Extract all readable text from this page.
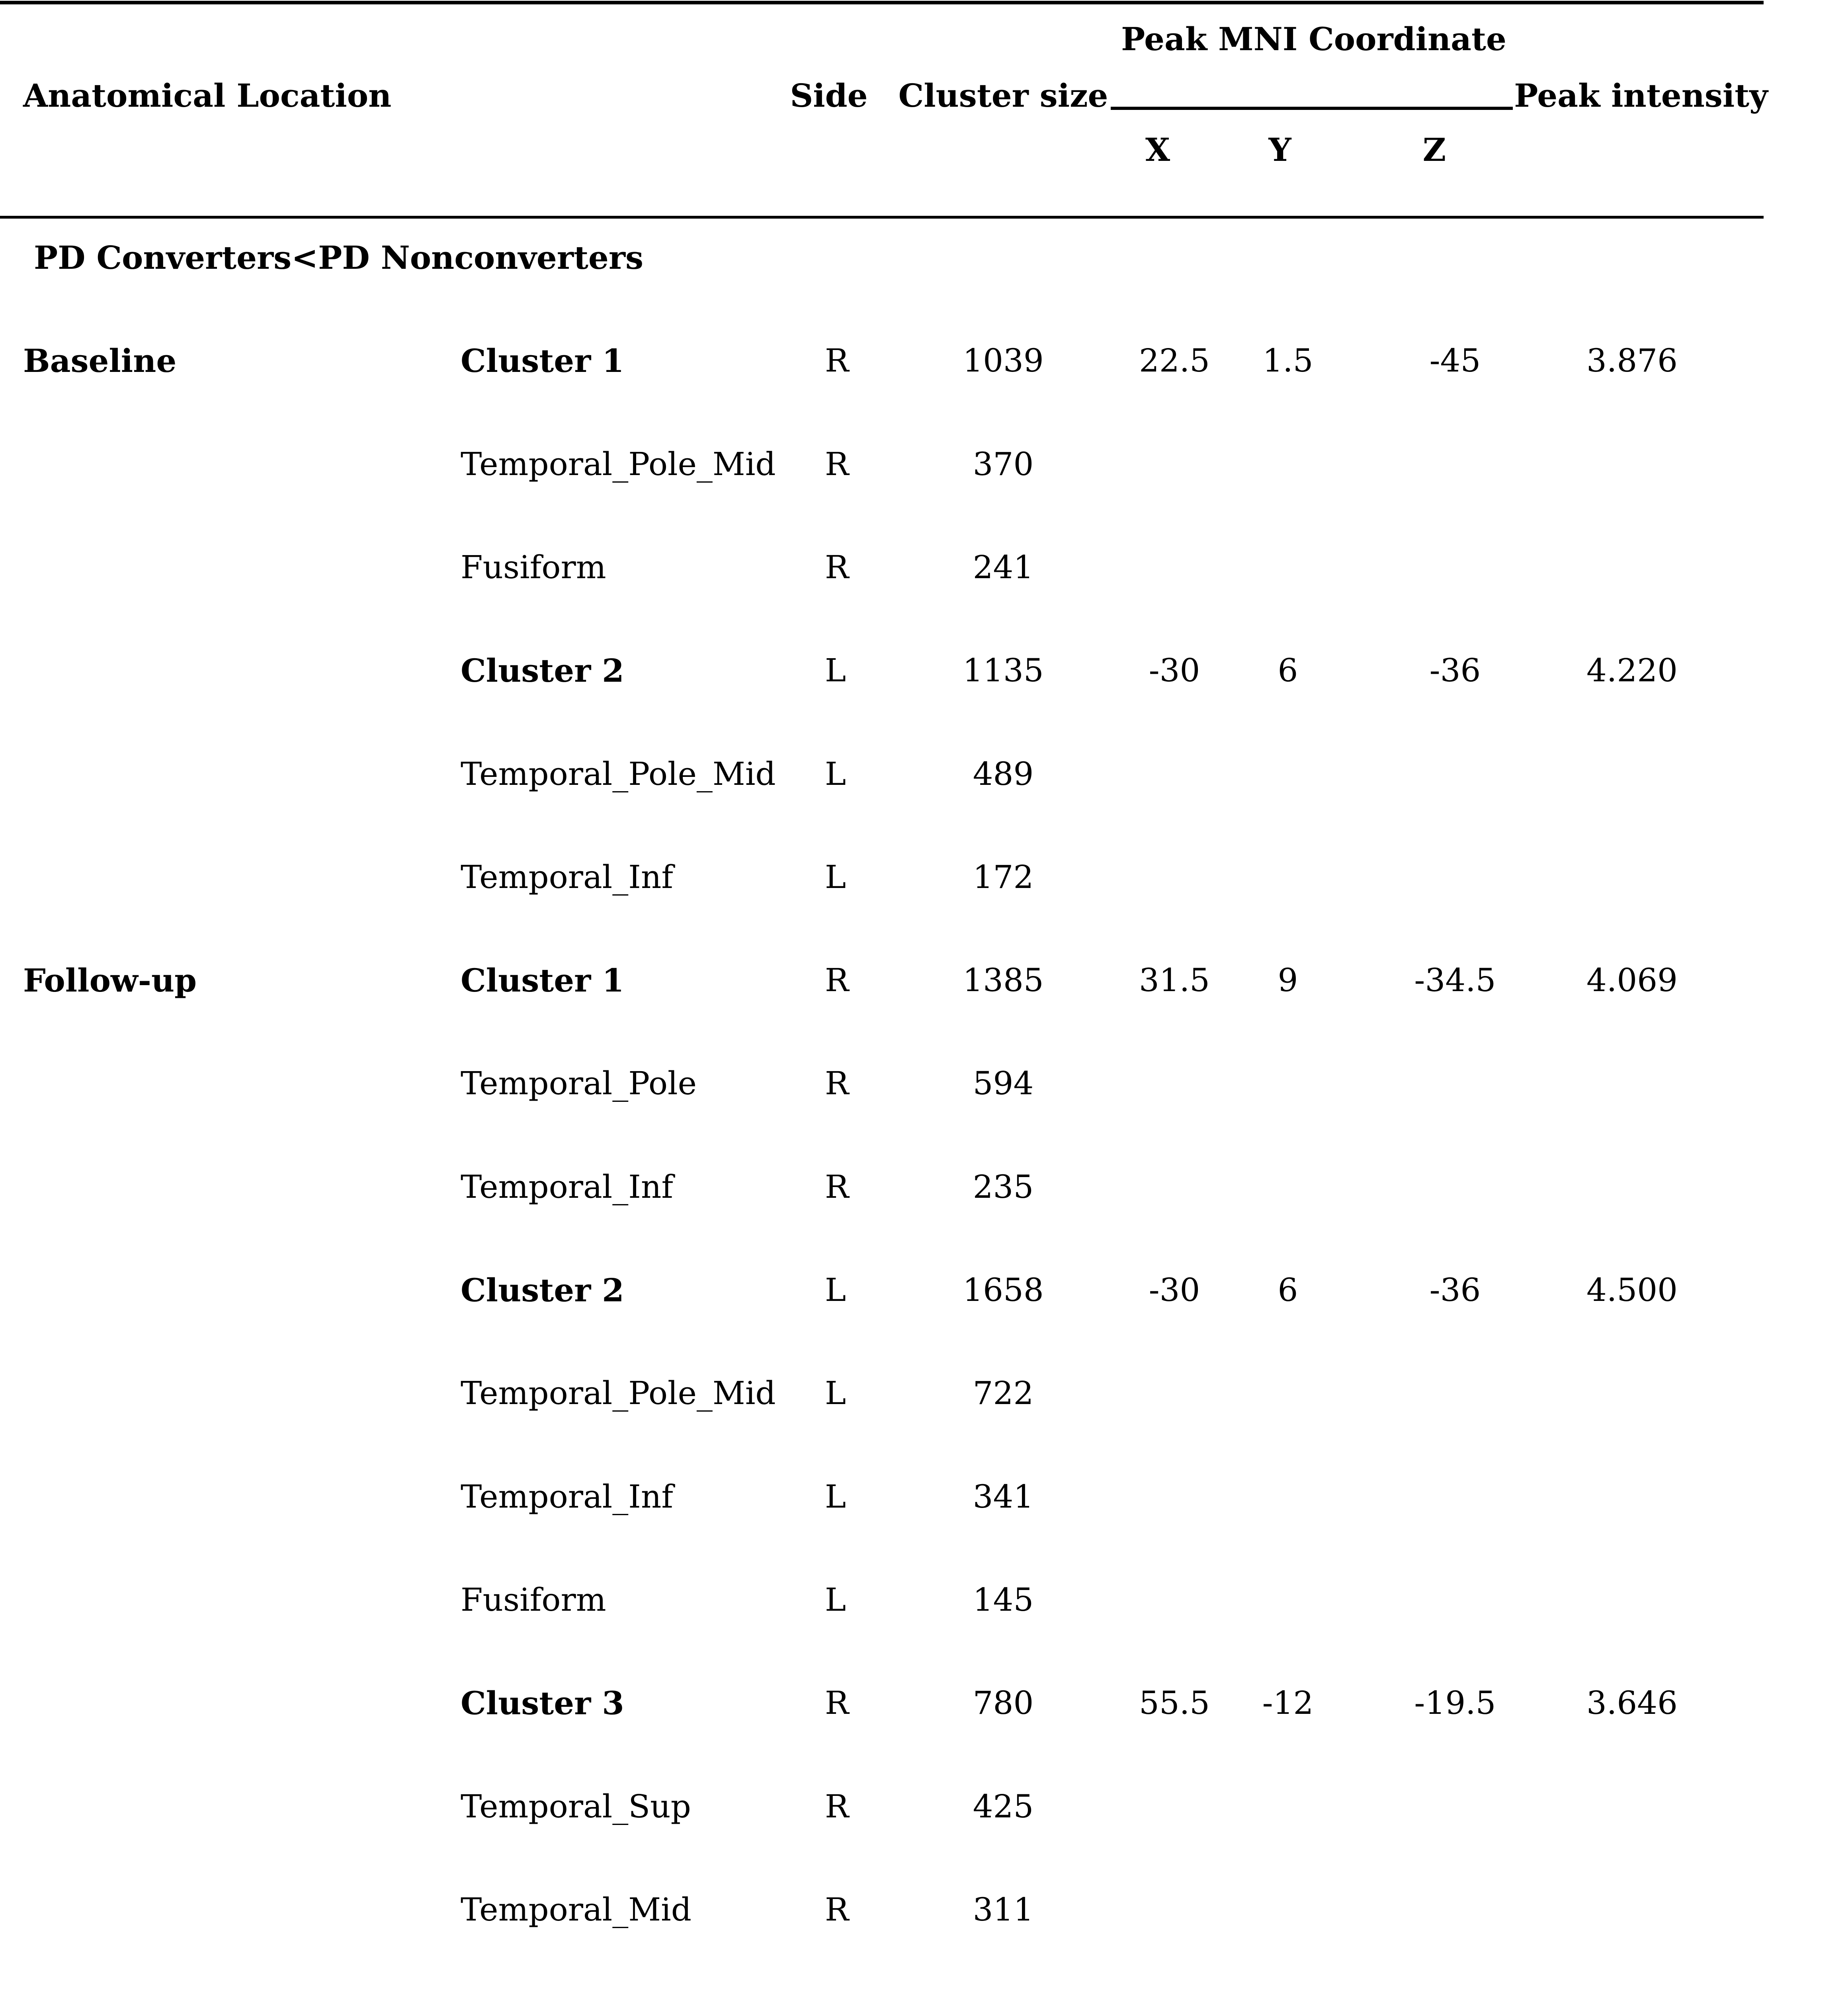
Anatomical Location	Side Cluster size
Peak MNI Coordinate
X	Y	Z
Peak intensity
PD Converters<PD Nonconverters
Baseline	Cluster 1	R	1039	22.5 1.5	-45	3.876
Temporal_Pole_Mid R	370
Fusiform	R	241
Cluster 2	L	1135	-30 6	-36	4.220
Temporal_Pole_Mid L	489
Temporal_Inf	L	172
Follow-up	Cluster 1	R	1385	31.5 9	-34.5	4.069
Temporal_Pole	R	594
Temporal_Inf	R	235
Cluster 2	L	1658	-30 6	-36	4.500
Temporal_Pole_Mid L	722
Temporal_Inf	L	341
Fusiform	L	145
Cluster 3	R	780	55.5 -12	-19.5	3.646
Temporal_Sup	R	425
Temporal_Mid	R	311
